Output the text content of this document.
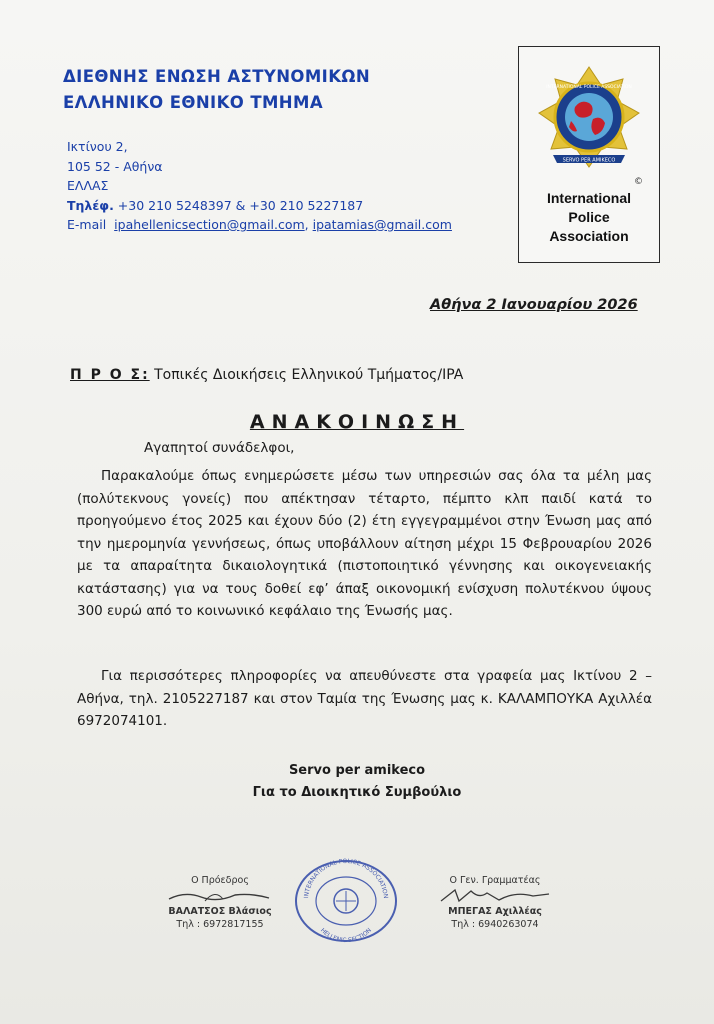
ΔΙΕΘΝΗΣ ΕΝΩΣΗ ΑΣΤΥΝΟΜΙΚΩΝ
ΕΛΛΗΝΙΚΟ ΕΘΝΙΚΟ ΤΜΗΜΑ
Ικτίνου 2,
105 52 - Αθήνα
ΕΛΛΑΣ
Τηλέφ. +30 210 5248397 & +30 210 5227187
E-mail ipahellenicsection@gmail.com, ipatamias@gmail.com
SERVO PER AMIKECO
INTERNATIONAL POLICE ASSOCIATION
©
International
Police
Association
Αθήνα 2 Ιανουαρίου 2026
Π Ρ Ο Σ: Τοπικές Διοικήσεις Ελληνικού Τμήματος/IPA
ΑΝΑΚΟΙΝΩΣΗ
Αγαπητοί συνάδελφοι,
Παρακαλούμε όπως ενημερώσετε μέσω των υπηρεσιών σας όλα τα μέλη μας (πολύτεκνους γονείς) που απέκτησαν τέταρτο, πέμπτο κλπ παιδί κατά το προηγούμενο έτος 2025 και έχουν δύο (2) έτη εγγεγραμμένοι στην Ένωση μας από την ημερομηνία γεννήσεως, όπως υποβάλλουν αίτηση μέχρι 15 Φεβρουαρίου 2026 με τα απαραίτητα δικαιολογητικά (πιστοποιητικό γέννησης και οικογενειακής κατάστασης) για να τους δοθεί εφ’ άπαξ οικονομική ενίσχυση πολυτέκνου ύψους 300 ευρώ από το κοινωνικό κεφάλαιο της Ένωσής μας.
Για περισσότερες πληροφορίες να απευθύνεστε στα γραφεία μας Ικτίνου 2 – Αθήνα, τηλ. 2105227187 και στον Ταμία της Ένωσης μας κ. ΚΑΛΑΜΠΟΥΚΑ Αχιλλέα 6972074101.
Servo per amikeco
Για το Διοικητικό Συμβούλιο
Ο Πρόεδρος
ΒΑΛΑΤΣΟΣ Βλάσιος
Τηλ : 6972817155
INTERNATIONAL POLICE ASSOCIATION
HELLENIC SECTION
Ο Γεν. Γραμματέας
ΜΠΕΓΑΣ Αχιλλέας
Τηλ : 6940263074
